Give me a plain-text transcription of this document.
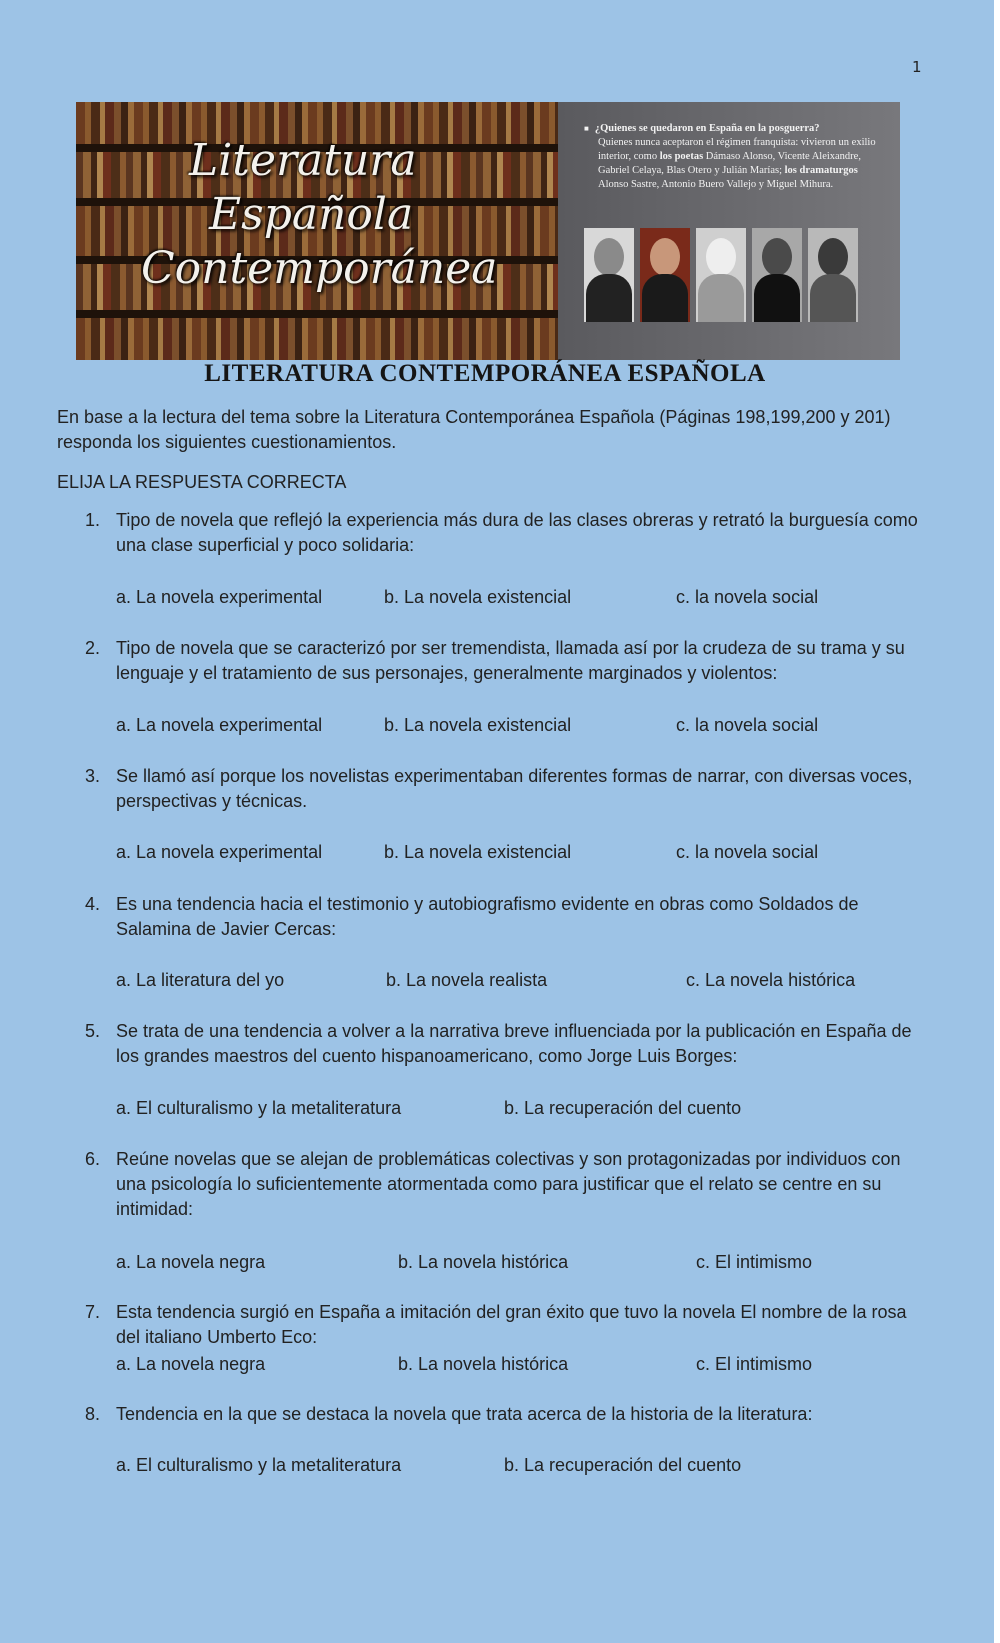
1
Literatura
Española
Contemporánea
■ ¿Quienes se quedaron en España en la posguerra?
Quienes nunca aceptaron el régimen franquista: vivieron un exilio interior, como los poetas Dámaso Alonso, Vicente Aleixandre, Gabriel Celaya, Blas Otero y Julián Marías; los dramaturgos Alonso Sastre, Antonio Buero Vallejo y Miguel Mihura.
LITERATURA CONTEMPORÁNEA ESPAÑOLA
En base a la lectura del tema sobre la Literatura Contemporánea Española (Páginas 198,199,200 y 201) responda los siguientes cuestionamientos.
ELIJA LA RESPUESTA CORRECTA
1. Tipo de novela que reflejó la experiencia más dura de las clases obreras y retrató la burguesía como una clase superficial y poco solidaria:
a. La novela experimental	b. La novela existencial	c. la novela social
2. Tipo de novela que se caracterizó por ser tremendista, llamada así por la crudeza de su trama y su lenguaje y el tratamiento de sus personajes, generalmente marginados y violentos:
a. La novela experimental	b. La novela existencial	c. la novela social
3. Se llamó así porque los novelistas experimentaban diferentes formas de narrar, con diversas voces, perspectivas y técnicas.
a. La novela experimental	b. La novela existencial	c. la novela social
4. Es una tendencia hacia el testimonio y autobiografismo evidente en obras como Soldados de Salamina de Javier Cercas:
a. La literatura del yo	b. La novela realista	c. La novela histórica
5. Se trata de una tendencia a volver a la narrativa breve influenciada por la publicación en España de los grandes maestros del cuento hispanoamericano, como Jorge Luis Borges:
a. El culturalismo y la metaliteratura	b. La recuperación del cuento
6. Reúne novelas que se alejan de problemáticas colectivas y son protagonizadas por individuos con una psicología lo suficientemente atormentada como para justificar que el relato se centre en su intimidad:
a. La novela negra	b. La novela histórica	c. El intimismo
7. Esta tendencia surgió en España a imitación del gran éxito que tuvo la novela El nombre de la rosa del italiano Umberto Eco:
a. La novela negra	b. La novela histórica	c. El intimismo
8. Tendencia en la que se destaca la novela que trata acerca de la historia de la literatura:
a. El culturalismo y la metaliteratura	b. La recuperación del cuento
